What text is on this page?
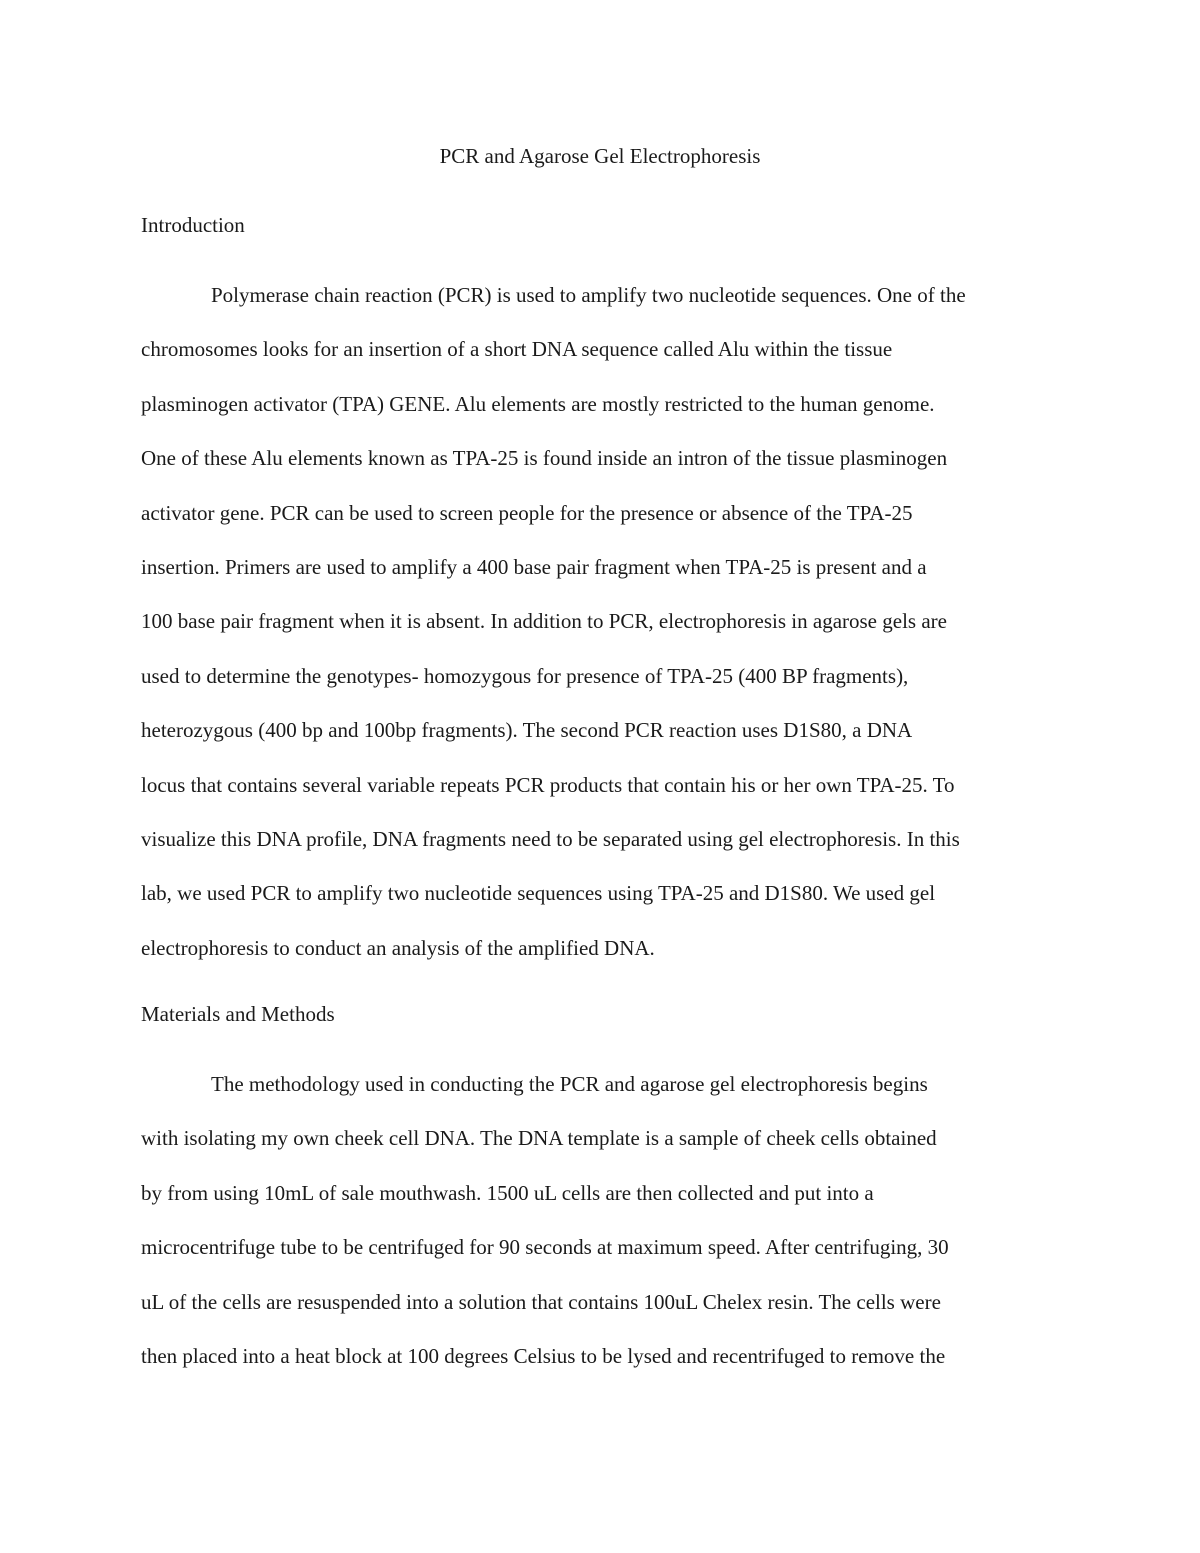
PCR and Agarose Gel Electrophoresis
Introduction
Polymerase chain reaction (PCR) is used to amplify two nucleotide sequences. One of the
chromosomes looks for an insertion of a short DNA sequence called Alu within the tissue
plasminogen activator (TPA) GENE. Alu elements are mostly restricted to the human genome.
One of these Alu elements known as TPA-25 is found inside an intron of the tissue plasminogen
activator gene. PCR can be used to screen people for the presence or absence of the TPA-25
insertion. Primers are used to amplify a 400 base pair fragment when TPA-25 is present and a
100 base pair fragment when it is absent. In addition to PCR, electrophoresis in agarose gels are
used to determine the genotypes- homozygous for presence of TPA-25 (400 BP fragments),
heterozygous (400 bp and 100bp fragments). The second PCR reaction uses D1S80, a DNA
locus that contains several variable repeats PCR products that contain his or her own TPA-25. To
visualize this DNA profile, DNA fragments need to be separated using gel electrophoresis. In this
lab, we used PCR to amplify two nucleotide sequences using TPA-25 and D1S80. We used gel
electrophoresis to conduct an analysis of the amplified DNA.
Materials and Methods
The methodology used in conducting the PCR and agarose gel electrophoresis begins
with isolating my own cheek cell DNA. The DNA template is a sample of cheek cells obtained
by from using 10mL of sale mouthwash. 1500 uL cells are then collected and put into a
microcentrifuge tube to be centrifuged for 90 seconds at maximum speed. After centrifuging, 30
uL of the cells are resuspended into a solution that contains 100uL Chelex resin. The cells were
then placed into a heat block at 100 degrees Celsius to be lysed and recentrifuged to remove the
